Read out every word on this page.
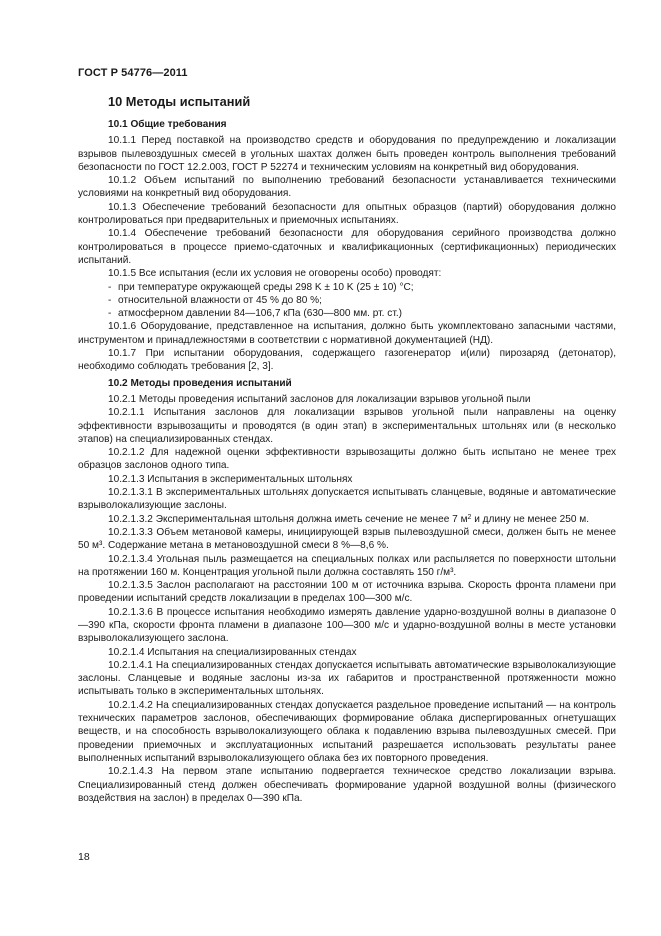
ГОСТ Р 54776—2011
10 Методы испытаний
10.1 Общие требования

10.1.1 Перед поставкой на производство средств и оборудования по предупреждению и локализации взрывов пылевоздушных смесей в угольных шахтах должен быть проведен контроль выполнения требований безопасности по ГОСТ 12.2.003, ГОСТ Р 52274 и техническим условиям на конкретный вид оборудования.

10.1.2 Объем испытаний по выполнению требований безопасности устанавливается техническими условиями на конкретный вид оборудования.

10.1.3 Обеспечение требований безопасности для опытных образцов (партий) оборудования должно контролироваться при предварительных и приемочных испытаниях.

10.1.4 Обеспечение требований безопасности для оборудования серийного производства должно контролироваться в процессе приемо-сдаточных и квалификационных (сертификационных) периодических испытаний.

10.1.5 Все испытания (если их условия не оговорены особо) проводят:

- при температуре окружающей среды 298 K ± 10 K (25 ± 10) °С;
- относительной влажности от 45 % до 80 %;
- атмосферном давлении 84—106,7 кПа (630—800 мм. рт. ст.)

10.1.6 Оборудование, представленное на испытания, должно быть укомплектовано запасными частями, инструментом и принадлежностями в соответствии с нормативной документацией (НД).

10.1.7 При испытании оборудования, содержащего газогенератор и(или) пирозаряд (детонатор), необходимо соблюдать требования [2, 3].

10.2 Методы проведения испытаний

10.2.1 Методы проведения испытаний заслонов для локализации взрывов угольной пыли

10.2.1.1 Испытания заслонов для локализации взрывов угольной пыли направлены на оценку эффективности взрывозащиты и проводятся (в один этап) в экспериментальных штольнях или (в несколько этапов) на специализированных стендах.

10.2.1.2 Для надежной оценки эффективности взрывозащиты должно быть испытано не менее трех образцов заслонов одного типа.

10.2.1.3 Испытания в экспериментальных штольнях

10.2.1.3.1 В экспериментальных штольнях допускается испытывать сланцевые, водяные и автоматические взрыволокализующие заслоны.

10.2.1.3.2 Экспериментальная штольня должна иметь сечение не менее 7 $м^2$ и длину не менее 250 м.

10.2.1.3.3 Объем метановой камеры, инициирующей взрыв пылевоздушной смеси, должен быть не менее 50 м³. Содержание метана в метановоздушной смеси 8 %—8,6 %.

10.2.1.3.4 Угольная пыль размещается на специальных полках или распыляется по поверхности штольни на протяжении 160 м. Концентрация угольной пыли должна составлять 150 г/м³.

10.2.1.3.5 Заслон располагают на расстоянии 100 м от источника взрыва. Скорость фронта пламени при проведении испытаний средств локализации в пределах 100—300 м/с.

10.2.1.3.6 В процессе испытания необходимо измерять давление ударно-воздушной волны в диапазоне 0—390 кПа, скорости фронта пламени в диапазоне 100—300 м/с и ударно-воздушной волны в месте установки взрыволокализующего заслона.

10.2.1.4 Испытания на специализированных стендах

10.2.1.4.1 На специализированных стендах допускается испытывать автоматические взрыволокализующие заслоны. Сланцевые и водяные заслоны из-за их габаритов и пространственной протяженности можно испытывать только в экспериментальных штольнях.

10.2.1.4.2 На специализированных стендах допускается раздельное проведение испытаний — на контроль технических параметров заслонов, обеспечивающих формирование облака диспергированных огнетушащих веществ, и на способность взрыволокализующего облака к подавлению взрыва пылевоздушных смесей. При проведении приемочных и эксплуатационных испытаний разрешается использовать результаты ранее выполненных испытаний взрыволокализующего облака без их повторного проведения.

10.2.1.4.3 На первом этапе испытанию подвергается техническое средство локализации взрыва. Специализированный стенд должен обеспечивать формирование ударной воздушной волны (физического воздействия на заслон) в пределах 0—390 кПа.

18
